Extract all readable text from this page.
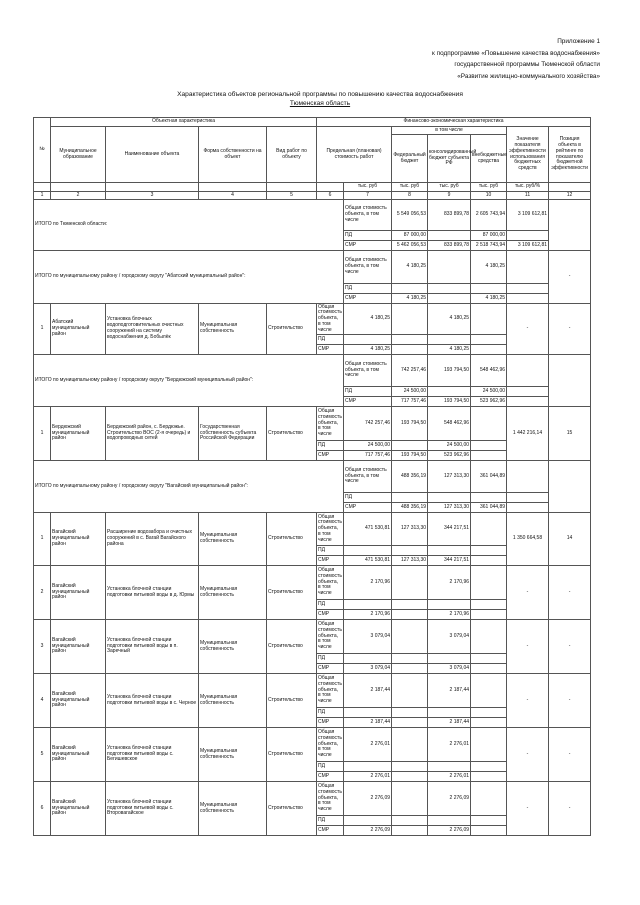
Приложение 1
к подпрограмме «Повышение качества водоснабжения»
государственной программы Тюменской области
«Развитие жилищно-коммунального хозяйства»
Характеристика объектов региональной программы по повышению качества водоснабжения
Тюменская область
№	Объектная характеристика				Финансово-экономическая характеристика							
	Муниципальное образование	Наименование объекта	Форма собственности на объект	Вид работ по объекту	Предельная (плановая) стоимость работ		в том числе			Значение показателя эффективности использования бюджетных средств	Позиция объекта в рейтинге по показателю бюджетной эффективности	
							Федеральный бюджет	консолидированный бюджет субъекта РФ	внебюджетные средства			
						тыс. руб	тыс. руб	тыс. руб	тыс. руб	тыс. руб/%		
1	2	3	4	5	6	7	8	9	10	11	12	
ИТОГО по Тюменской области:						Общая стоимость объекта, в том числе	5 549 056,53	833 899,78	2 605 743,94	3 109 612,81		
						ПД	87 000,00		87 000,00			
						СМР	5 462 056,53	833 899,78	2 518 743,94	3 109 612,81		
ИТОГО по муниципальному району / городскому округу "Абатский муниципальный район":						Общая стоимость объекта, в том числе	4 180,25		4 180,25		-	
						ПД						
						СМР	4 180,25		4 180,25			
1	Абатский муниципальный район	Установка блочных водоподготовительных очистных сооружений на систему водоснабжения д. Бобылёк	Муниципальная собственность	Строительство	Общая стоимость объекта, в том числе	4 180,25		4 180,25		-	-	
					ПД							
					СМР	4 180,25		4 180,25				
ИТОГО по муниципальному району / городскому округу "Бердюжский муниципальный район":						Общая стоимость объекта, в том числе	742 257,46	193 794,50	548 462,96			
						ПД	24 500,00		24 500,00			
						СМР	717 757,46	193 794,50	523 962,96			
1	Бердюжский муниципальный район	Бердюжский район, с. Бердюжье. Строительство ВОС (2-я очередь) и водопроводных сетей	Государственная собственность субъекта Российской Федерации	Строительство	Общая стоимость объекта, в том числе	742 257,46	193 794,50	548 462,96		1 442 216,14	15	
					ПД	24 500,00		24 500,00				
					СМР	717 757,46	193 794,50	523 962,96				
ИТОГО по муниципальному району / городскому округу "Вагайский муниципальный район":						Общая стоимость объекта, в том числе	488 356,19	127 313,30	361 044,89			
						ПД						
						СМР	488 356,19	127 313,30	361 044,89			
1	Вагайский муниципальный район	Расширение водозабора и очистных сооружений в с. Вагай Вагайского района	Муниципальная собственность	Строительство	Общая стоимость объекта, в том числе	471 530,81	127 313,30	344 217,51		1 350 664,58	14	
					ПД							
					СМР	471 530,81	127 313,30	344 217,51				
2	Вагайский муниципальный район	Установка блочной станции подготовки питьевой воды в д. Юрмы	Муниципальная собственность	Строительство	Общая стоимость объекта, в том числе	2 170,96		2 170,96		-	-	
					ПД							
					СМР	2 170,96		2 170,96				
3	Вагайский муниципальный район	Установка блочной станции подготовки питьевой воды в п. Заречный	Муниципальная собственность	Строительство	Общая стоимость объекта, в том числе	3 079,04		3 079,04		-	-	
					ПД							
					СМР	3 079,04		3 079,04				
4	Вагайский муниципальный район	Установка блочной станции подготовки питьевой воды в с. Черное	Муниципальная собственность	Строительство	Общая стоимость объекта, в том числе	2 187,44		2 187,44		-	-	
					ПД							
					СМР	2 187,44		2 187,44				
5	Вагайский муниципальный район	Установка блочной станции подготовки питьевой воды с. Бегишевское	Муниципальная собственность	Строительство	Общая стоимость объекта, в том числе	2 276,01		2 276,01		-	-	
					ПД							
					СМР	2 276,01		2 276,01				
6	Вагайский муниципальный район	Установка блочной станции подготовки питьевой воды с. Второвагайское	Муниципальная собственность	Строительство	Общая стоимость объекта, в том числе	2 276,09		2 276,09		-	-	
					ПД							
					СМР	2 276,09		2 276,09				
